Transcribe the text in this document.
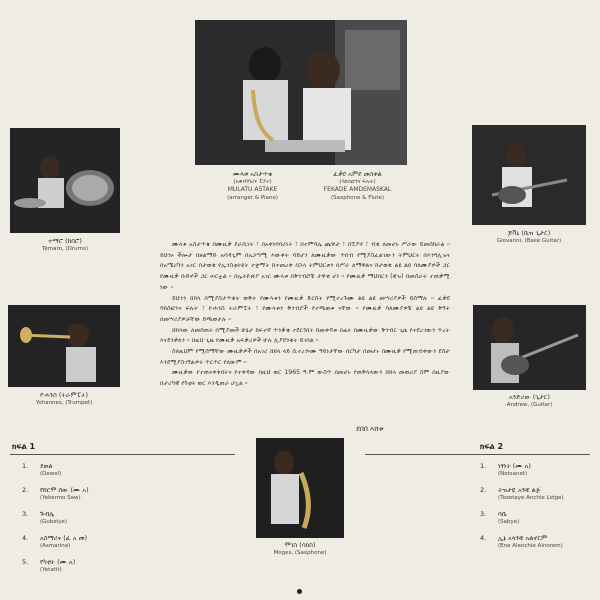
ሙላቱ አስታጥቄ
(አቀነባባሪና ፒያኖ)
MULATU ASTAKE
(arranger & Piano)
ፈቃደ አምደ መስቀል
(ሳክስፎንና ፍሉት)
FEKADE AMDEMASKAL
(Saxphone & Flute)
ተማሮ (ከበሮ)
Temaro, (Drums)
ጆቫኒ (ቤዝ ጊታር)
Giovanni, (Base Guitar)
ዮሐንስ (ትራምፔት)
Yohannes, (Trumpet)
አንድሪው (ጊታር)
Andrew, (Guitar)
ሞገስ (ሳክስ)
Moges, (Saxphone)

ሙላቱ አስታጥቄ በሙዚቃ ደራሲነት ፣ በአቀነባባሪነት ፣ በተምሳሌ ጨዋታ ፣ በፒያኖ ፣ ብቁ ለመሆኑ ሥራው ይመሰክራል ። ይህንኑ ችሎታ በዘልማድ አሳዳጊም በአጋጣሚ እውቀት ሳይሆን ለሙዚቃው ጥበብ የሚያስፈልገውን ትምህርት በእንግሊዝና በአሜሪካን አገር በታወቁ የኢንስቲትዩት ተቋማት ከተመረቀ በኋላ ትምህርቱን በሥራ ለማዋልና ከታወቁ ልዩ ልዩ ባለሙያዎች ጋር የሙዚቃ ቡድኖች ጋር ሠርቷል ። በኢትዮጵያ አገር ሙላቱ በቅንብሮቹ ታዋቂ ሆነ ። የሙዚቃ ማህበርን (ጃዝ) በመስራት ተጠቃሚ ነው ።

ይህንን ሸክላ በሚያስታጥቁት ወቅት የሙላቱን የሙዚቃ ድርሰት የሚተረጉሙ ልዩ ልዩ መሣሪያዎች ይሰማሉ ። ፈቃደ ሳክስፎንና ፍሉት ፣ ዮሐንስ ትራምፔት ፣ የሙላቱን ቅንብሮች የተጫወቱ ናቸው ። የሙዚቃ ባለሙያዎቹ ልዩ ልዩ ቅኝት በመሣሪያዎቻቸው ይጫወታሉ ።

ሸክላው ለመሰጠት በሚያመች ሁኔታ ከፍተኛ ጥንቃቄ ተደርጎበት ከመቀዳቱ በፊት በሙዚቃው ቅንብር ጊዜ የተደረገውን ጥረት እናደንቃለን ። በዚህ ጊዜ የሙዚቃ አፍቃሪዎች ሁሉ ሊያደንቁት ይገባል ።

ስለዚህም የሚሰማቸው ሙዚቃዎች በአገሪ ሸክላ ላይ ሲተረጐሙ ዓይነታቸው በርካታ በመሆኑ በሙዚቃ የሚጠብቀውን ደስታ እንደሚያስገኝልዎት ጥርጥር የለውም ።

ሙዚቃው የተጠናቀቀበትና የተቀዳው በዚህ ወር 1965 ዓ.ም ውስጥ በመሆኑ የጠቅላላውን ሸክላ መጠሪያ ስም በዚያው በታሪካዊ የካቲት ወር እንዲጠራ ሆኗል ።

ደበበ እሸቱ
ክፍል 1
1.	ደወል
(Dewol)
2.	የከርሞ ሰው (ሙ አ)
(Yekermo Saw)
3.	ጉብሌ
(Gubelye)
4.	አስማሪና (ፈ አ መ)
(Asmarina)
5.	የካቲት (ሙ አ)
(Yetatit)
ክፍል 2
1.	ነፃነት (ሙ አ)
(Netsanet)
2.	ትዝታዬ አንቺ ልጅ
(Tezetaye Anchie Lidge)
3.	ሳቤ
(Sabye)
4.	ኢኔ አላንቺ አልኖርም
(Ene Alanchie Alnorem)
